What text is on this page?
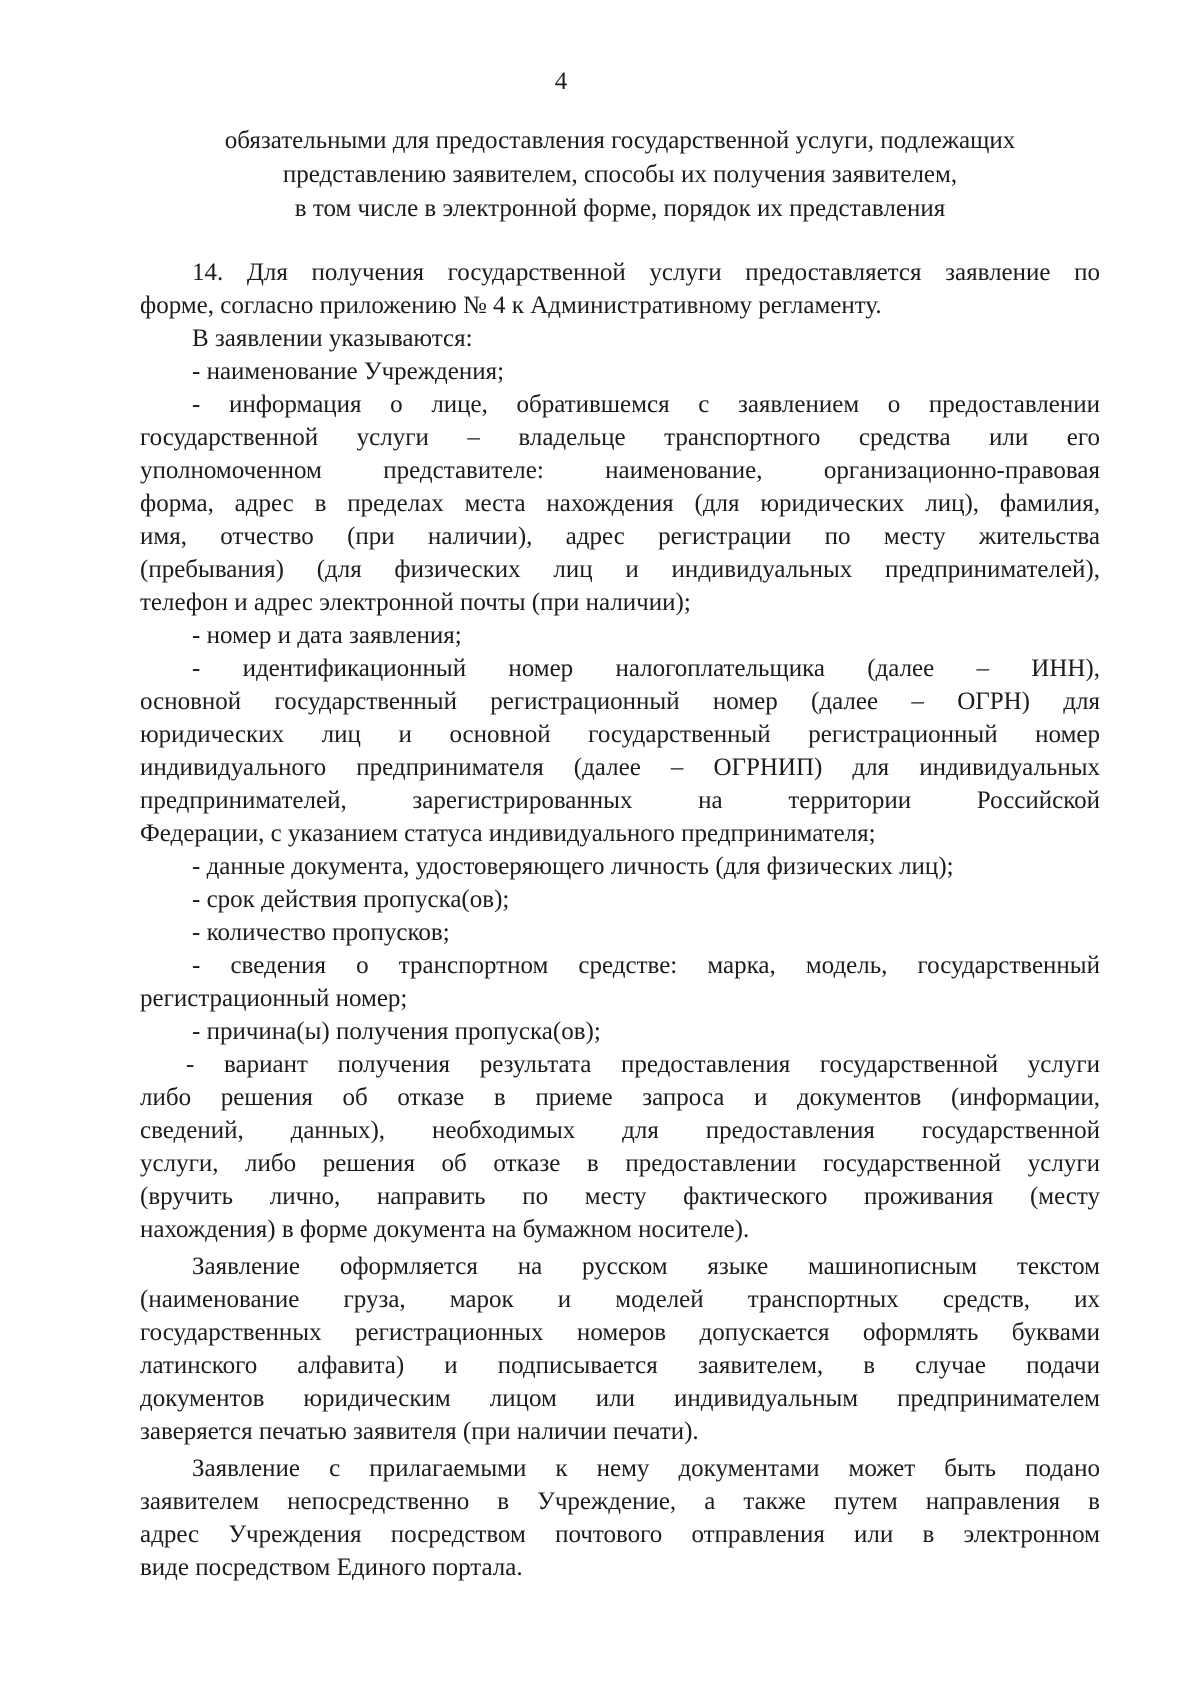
4
обязательными для предоставления государственной услуги, подлежащих
представлению заявителем, способы их получения заявителем,
в том числе в электронной форме, порядок их представления
14. Для получения государственной услуги предоставляется заявление по
форме, согласно приложению № 4 к Административному регламенту.
В заявлении указываются:
- наименование Учреждения;
- информация о лице, обратившемся с заявлением о предоставлении
государственной услуги – владельце транспортного средства или его
уполномоченном представителе: наименование, организационно-правовая
форма, адрес в пределах места нахождения (для юридических лиц), фамилия,
имя, отчество (при наличии), адрес регистрации по месту жительства
(пребывания) (для физических лиц и индивидуальных предпринимателей),
телефон и адрес электронной почты (при наличии);
- номер и дата заявления;
- идентификационный номер налогоплательщика (далее – ИНН),
основной государственный регистрационный номер (далее – ОГРН) для
юридических лиц и основной государственный регистрационный номер
индивидуального предпринимателя (далее – ОГРНИП) для индивидуальных
предпринимателей, зарегистрированных на территории Российской
Федерации, с указанием статуса индивидуального предпринимателя;
- данные документа, удостоверяющего личность (для физических лиц);
- срок действия пропуска(ов);
- количество пропусков;
- сведения о транспортном средстве: марка, модель, государственный
регистрационный номер;
- причина(ы) получения пропуска(ов);
- вариант получения результата предоставления государственной услуги
либо решения об отказе в приеме запроса и документов (информации,
сведений, данных), необходимых для предоставления государственной
услуги, либо решения об отказе в предоставлении государственной услуги
(вручить лично, направить по месту фактического проживания (месту
нахождения) в форме документа на бумажном носителе).
Заявление оформляется на русском языке машинописным текстом
(наименование груза, марок и моделей транспортных средств, их
государственных регистрационных номеров допускается оформлять буквами
латинского алфавита) и подписывается заявителем, в случае подачи
документов юридическим лицом или индивидуальным предпринимателем
заверяется печатью заявителя (при наличии печати).
Заявление с прилагаемыми к нему документами может быть подано
заявителем непосредственно в Учреждение, а также путем направления в
адрес Учреждения посредством почтового отправления или в электронном
виде посредством Единого портала.
